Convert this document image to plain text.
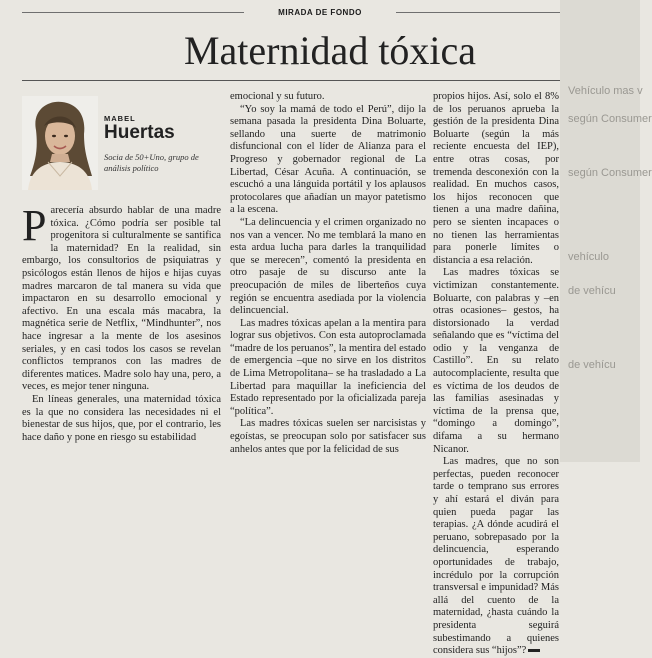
Vehículo mas v
según Consumer
según Consumer
vehículo
de vehícu
de vehícu
MIRADA DE FONDO
Maternidad tóxica
MABEL
Huertas
Socia de 50+Uno, grupo de análisis político

Parecería absurdo hablar de una madre tóxica. ¿Cómo podría ser posible tal progenitora si culturalmente se santifica la maternidad? En la realidad, sin embargo, los consultorios de psiquiatras y psicólogos están llenos de hijos e hijas cuyas madres marcaron de tal manera su vida que impactaron en su desarrollo emocional y afectivo. En una escala más macabra, la magnética serie de Netflix, “Mindhunter”, nos hace ingresar a la mente de los asesinos seriales, y en casi todos los casos se revelan conflictos tempranos con las madres de diferentes matices. Madre solo hay una, pero, a veces, es mejor tener ninguna.

En líneas generales, una maternidad tóxica es la que no considera las necesidades ni el bienestar de sus hijos, que, por el contrario, les hace daño y pone en riesgo su estabilidad

emocional y su futuro.

“Yo soy la mamá de todo el Perú”, dijo la semana pasada la presidenta Dina Boluarte, sellando una suerte de matrimonio disfuncional con el líder de Alianza para el Progreso y gobernador regional de La Libertad, César Acuña. A continuación, se escuchó a una lánguida portátil y los aplausos protocolares que añadían un mayor patetismo a la escena.

“La delincuencia y el crimen organizado no nos van a vencer. No me temblará la mano en esta ardua lucha para darles la tranquilidad que se merecen”, comentó la presidenta en otro pasaje de su discurso ante la preocupación de miles de liberteños cuya región se encuentra asediada por la violencia delincuencial.

Las madres tóxicas apelan a la mentira para lograr sus objetivos. Con esta autoproclamada “madre de los peruanos”, la mentira del estado de emergencia –que no sirve en los distritos de Lima Metropolitana– se ha trasladado a La Libertad para maquillar la ineficiencia del Estado representado por la oficializada pareja “política”.

Las madres tóxicas suelen ser narcisistas y egoístas, se preocupan solo por satisfacer sus anhelos antes que por la felicidad de sus

propios hijos. Así, solo el 8% de los peruanos aprueba la gestión de la presidenta Dina Boluarte (según la más reciente encuesta del IEP), entre otras cosas, por tremenda desconexión con la realidad. En muchos casos, los hijos reconocen que tienen a una madre dañina, pero se sienten incapaces o no tienen las herramientas para ponerle límites o distancia a esa relación.

Las madres tóxicas se victimizan constantemente. Boluarte, con palabras y –en otras ocasiones– gestos, ha distorsionado la verdad señalando que es “víctima del odio y la venganza de Castillo”. En su relato autocomplaciente, resulta que es víctima de los deudos de las familias asesinadas y víctima de la prensa que, “domingo a domingo”, difama a su hermano Nicanor.

Las madres, que no son perfectas, pueden reconocer tarde o temprano sus errores y ahí estará el diván para quien pueda pagar las terapias. ¿A dónde acudirá el peruano, sobrepasado por la delincuencia, esperando oportunidades de trabajo, incrédulo por la corrupción transversal e impunidad? Más allá del cuento de la maternidad, ¿hasta cuándo la presidenta seguirá subestimando a quienes considera sus “hijos”?
